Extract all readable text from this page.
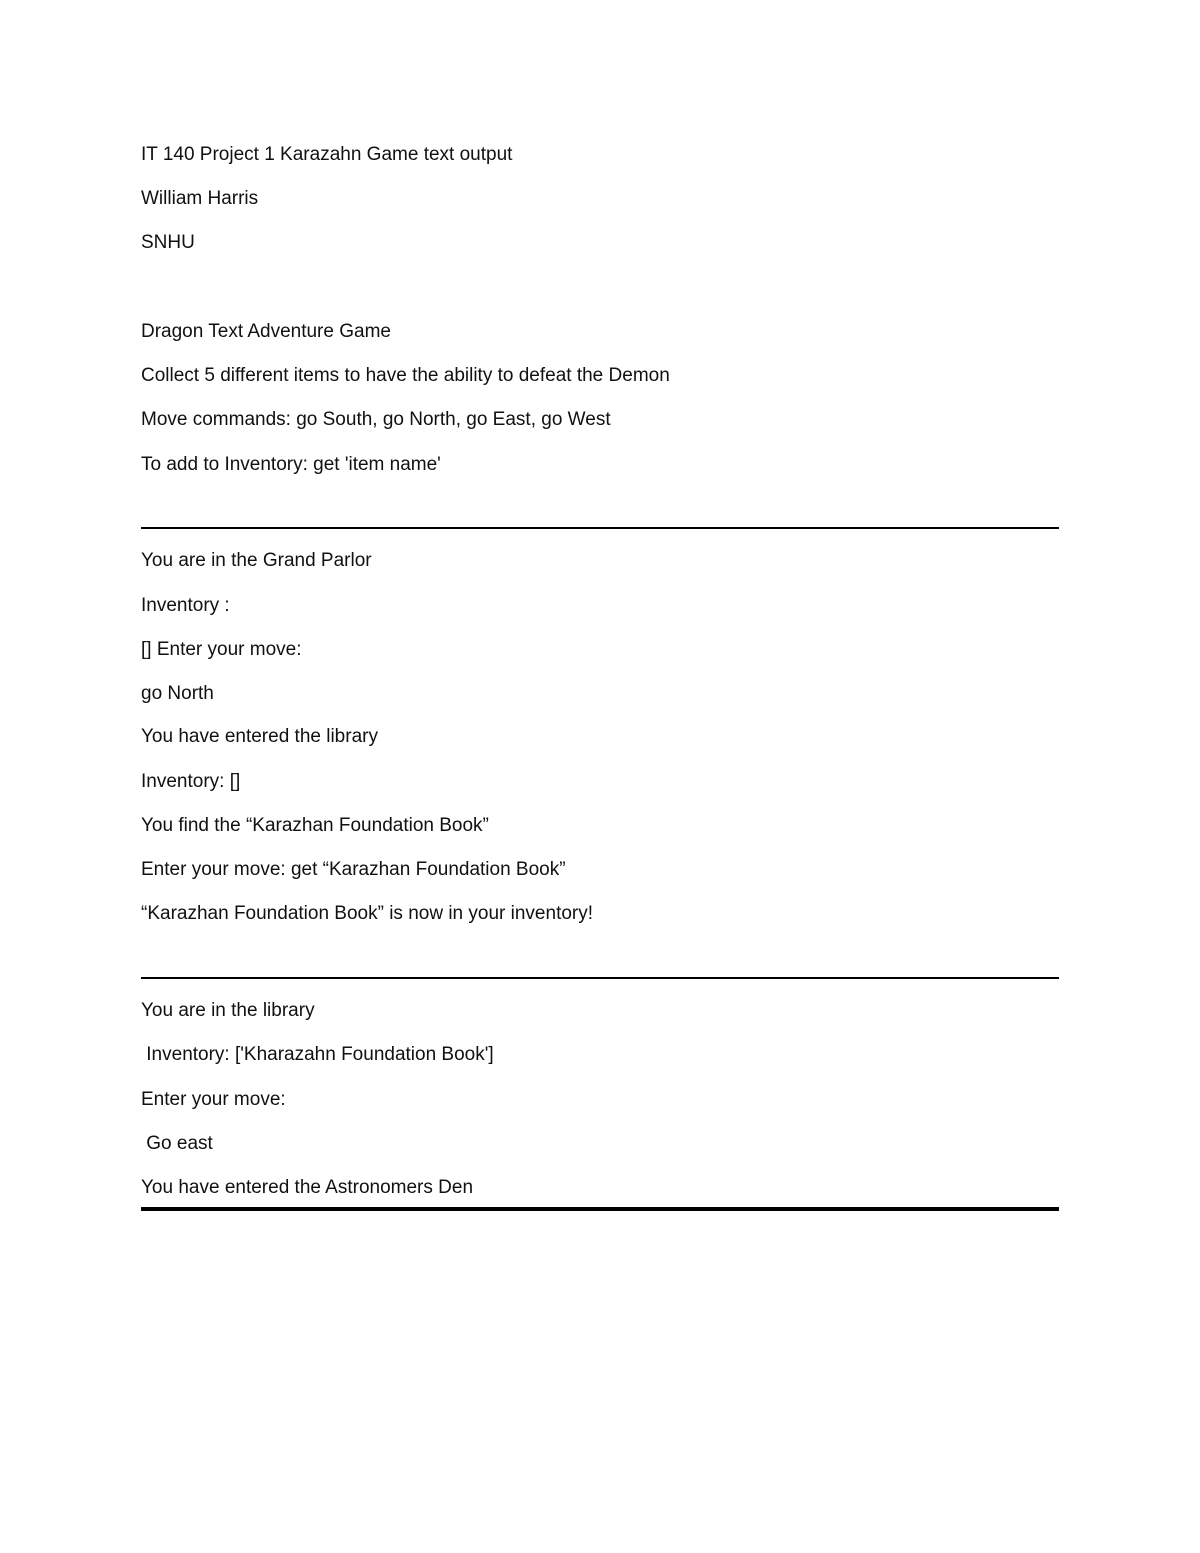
IT 140 Project 1 Karazahn Game text output
William Harris
SNHU
Dragon Text Adventure Game
Collect 5 different items to have the ability to defeat the Demon
Move commands: go South, go North, go East, go West
To add to Inventory: get 'item name'
You are in the Grand Parlor
Inventory :
[] Enter your move:
go North
You have entered the library
Inventory: []
You find the “Karazhan Foundation Book”
Enter your move: get “Karazhan Foundation Book”
“Karazhan Foundation Book” is now in your inventory!
You are in the library
Inventory: ['Kharazahn Foundation Book']
Enter your move:
Go east
You have entered the Astronomers Den
